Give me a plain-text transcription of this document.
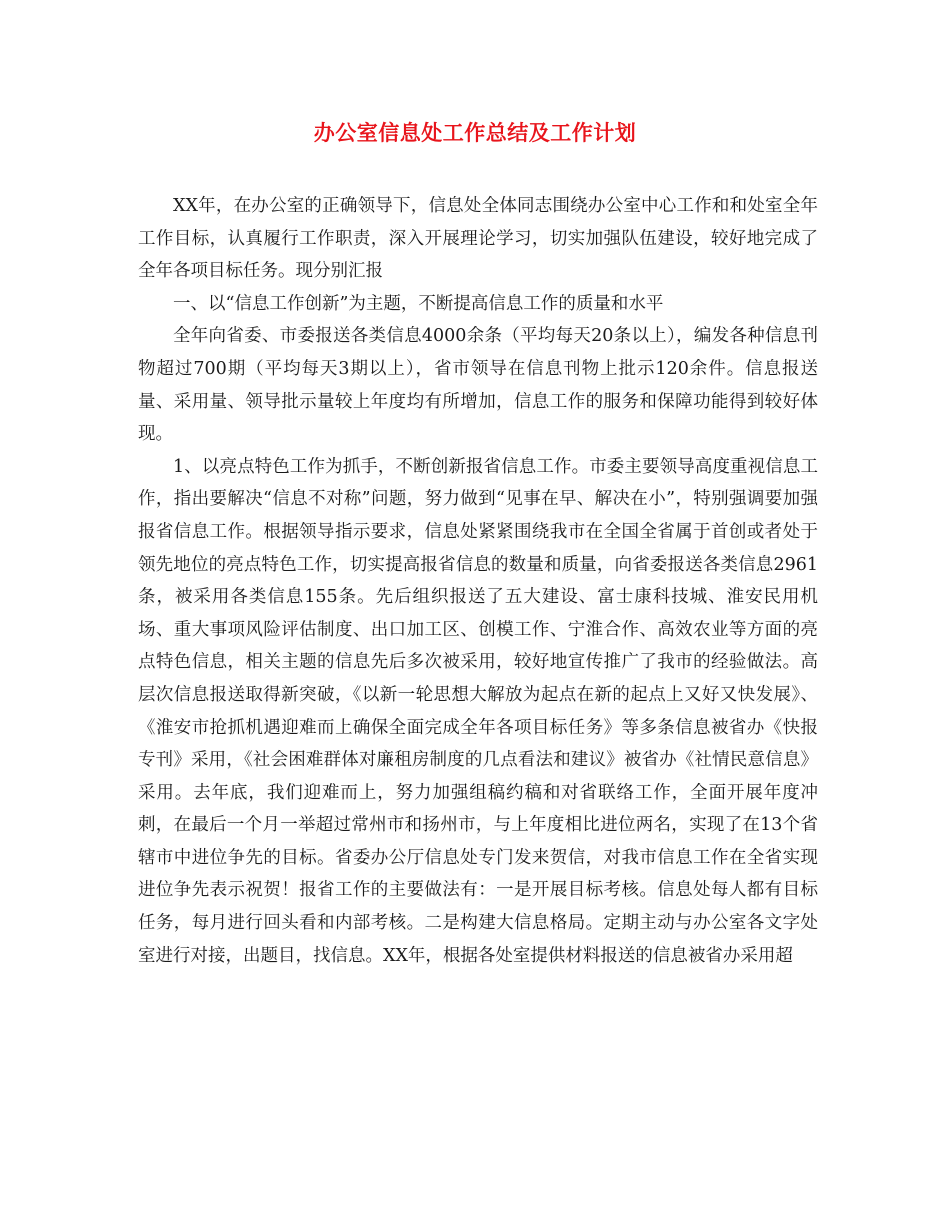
办公室信息处工作总结及工作计划

XX年，在办公室的正确领导下，信息处全体同志围绕办公室中心工作和和处室全年工作目标，认真履行工作职责，深入开展理论学习，切实加强队伍建设，较好地完成了全年各项目标任务。现分别汇报

一、以“信息工作创新”为主题，不断提高信息工作的质量和水平

全年向省委、市委报送各类信息4000余条（平均每天20条以上），编发各种信息刊物超过700期（平均每天3期以上），省市领导在信息刊物上批示120余件。信息报送量、采用量、领导批示量较上年度均有所增加，信息工作的服务和保障功能得到较好体现。

1、以亮点特色工作为抓手，不断创新报省信息工作。市委主要领导高度重视信息工作，指出要解决“信息不对称”问题，努力做到“见事在早、解决在小”，特别强调要加强报省信息工作。根据领导指示要求，信息处紧紧围绕我市在全国全省属于首创或者处于领先地位的亮点特色工作，切实提高报省信息的数量和质量，向省委报送各类信息2961条，被采用各类信息155条。先后组织报送了五大建设、富士康科技城、淮安民用机场、重大事项风险评估制度、出口加工区、创模工作、宁淮合作、高效农业等方面的亮点特色信息，相关主题的信息先后多次被采用，较好地宣传推广了我市的经验做法。高层次信息报送取得新突破，《以新一轮思想大解放为起点在新的起点上又好又快发展》、《淮安市抢抓机遇迎难而上确保全面完成全年各项目标任务》等多条信息被省办《快报专刊》采用，《社会困难群体对廉租房制度的几点看法和建议》被省办《社情民意信息》采用。去年底，我们迎难而上，努力加强组稿约稿和对省联络工作，全面开展年度冲刺，在最后一个月一举超过常州市和扬州市，与上年度相比进位两名，实现了在13个省辖市中进位争先的目标。省委办公厅信息处专门发来贺信，对我市信息工作在全省实现进位争先表示祝贺！报省工作的主要做法有：一是开展目标考核。信息处每人都有目标任务，每月进行回头看和内部考核。二是构建大信息格局。定期主动与办公室各文字处室进行对接，出题目，找信息。XX年，根据各处室提供材料报送的信息被省办采用超
